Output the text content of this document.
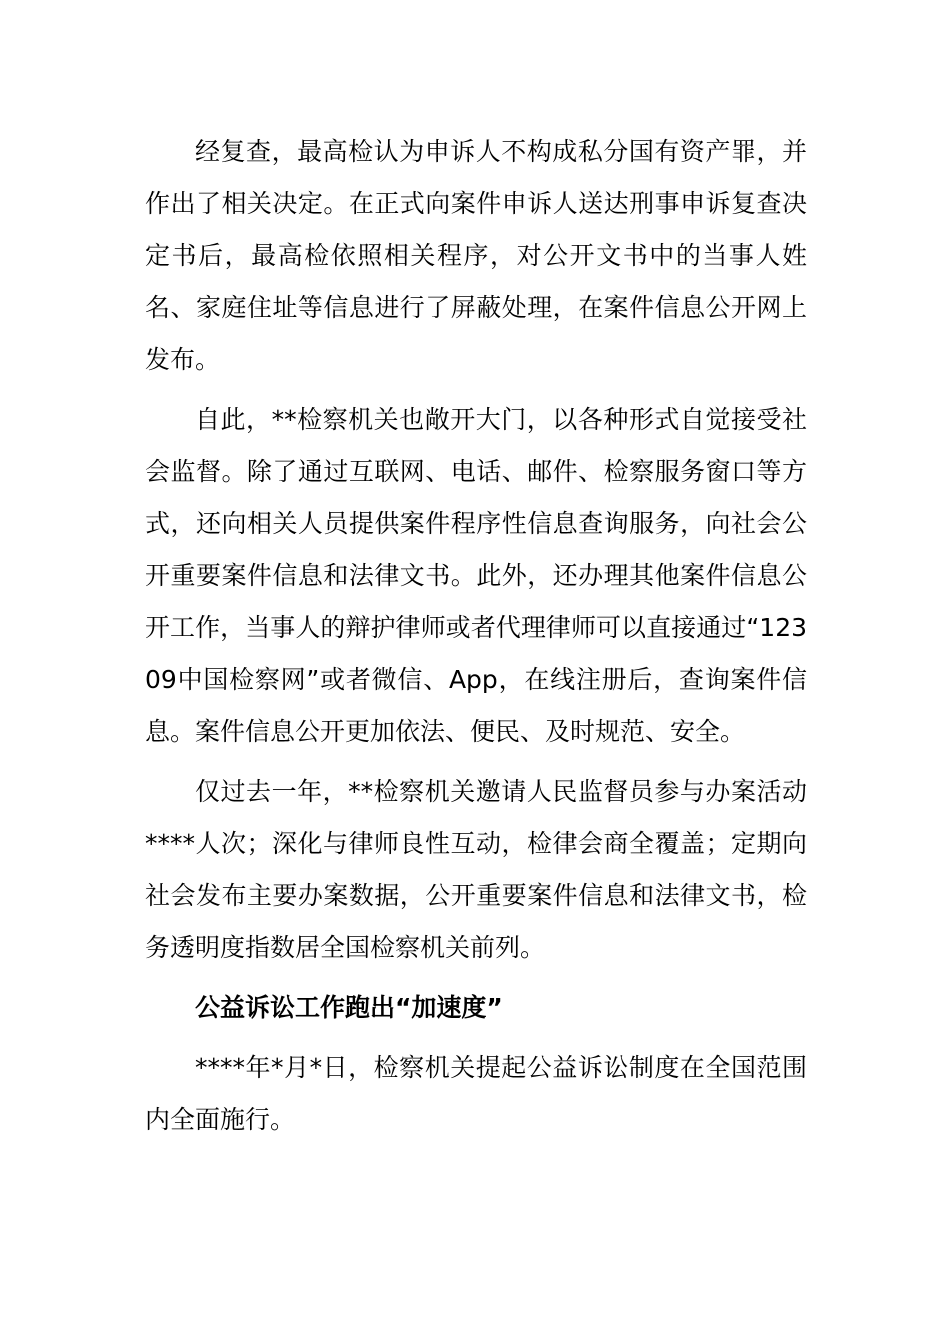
经复查，最高检认为申诉人不构成私分国有资产罪，并作出了相关决定。在正式向案件申诉人送达刑事申诉复查决定书后，最高检依照相关程序，对公开文书中的当事人姓名、家庭住址等信息进行了屏蔽处理，在案件信息公开网上发布。

自此，**检察机关也敞开大门，以各种形式自觉接受社会监督。除了通过互联网、电话、邮件、检察服务窗口等方式，还向相关人员提供案件程序性信息查询服务，向社会公开重要案件信息和法律文书。此外，还办理其他案件信息公开工作，当事人的辩护律师或者代理律师可以直接通过“12309中国检察网”或者微信、App，在线注册后，查询案件信息。案件信息公开更加依法、便民、及时规范、安全。

仅过去一年，**检察机关邀请人民监督员参与办案活动****人次；深化与律师良性互动，检律会商全覆盖；定期向社会发布主要办案数据，公开重要案件信息和法律文书，检务透明度指数居全国检察机关前列。

公益诉讼工作跑出“加速度”

****年*月*日，检察机关提起公益诉讼制度在全国范围内全面施行。
